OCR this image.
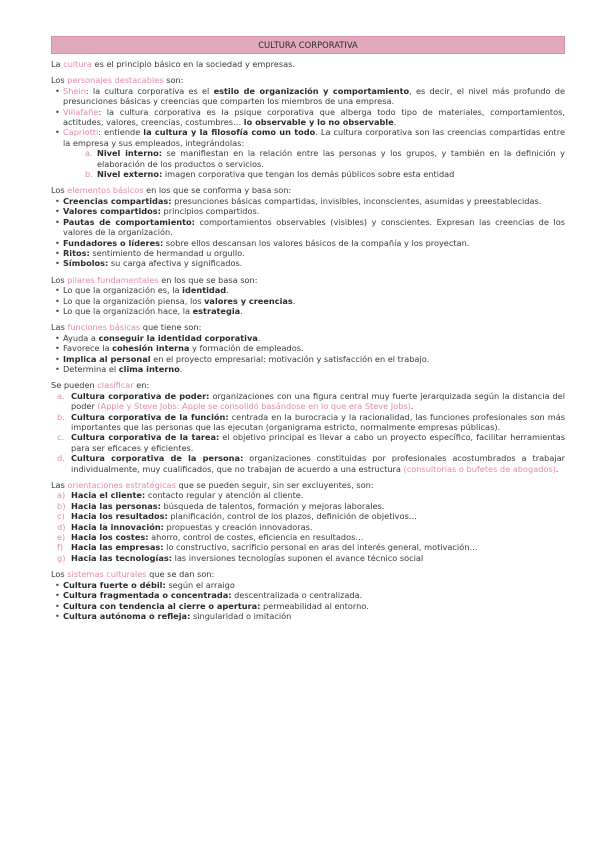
CULTURA CORPORATIVA

La cultura es el principio básico en la sociedad y empresas.

Los personajes destacables son:

• Shein: la cultura corporativa es el estilo de organización y comportamiento, es decir, el nivel más profundo de presunciones básicas y creencias que comparten los miembros de una empresa.
• Villafañe: la cultura corporativa es la psique corporativa que alberga todo tipo de materiales, comportamientos, actitudes, valores, creencias, costumbres… lo observable y lo no observable.
• Capriotti: entiende la cultura y la filosofía como un todo. La cultura corporativa son las creencias compartidas entre la empresa y sus empleados, integrándolas:
a. Nivel interno: se manifiestan en la relación entre las personas y los grupos, y también en la definición y elaboración de los productos o servicios.
b. Nivel externo: imagen corporativa que tengan los demás públicos sobre esta entidad

Los elementos básicos en los que se conforma y basa son:

• Creencias compartidas: presunciones básicas compartidas, invisibles, inconscientes, asumidas y preestablecidas.
• Valores compartidos: principios compartidos.
• Pautas de comportamiento: comportamientos observables (visibles) y conscientes. Expresan las creencias de los valores de la organización.
• Fundadores o líderes: sobre ellos descansan los valores básicos de la compañía y los proyectan.
• Ritos: sentimiento de hermandad u orgullo.
• Símbolos: su carga afectiva y significados.

Los pilares fundamentales en los que se basa son:

• Lo que la organización es, la identidad.
• Lo que la organización piensa, los valores y creencias.
• Lo que la organización hace, la estrategia.

Las funciones básicas que tiene son:

• Ayuda a conseguir la identidad corporativa.
• Favorece la cohesión interna y formación de empleados.
• Implica al personal en el proyecto empresarial: motivación y satisfacción en el trabajo.
• Determina el clima interno.

Se pueden clasificar en:

a. Cultura corporativa de poder: organizaciones con una figura central muy fuerte jerarquizada según la distancia del poder (Apple y Steve Jobs: Apple se consolidó basándose en lo que era Steve Jobs).
b. Cultura corporativa de la función: centrada en la burocracia y la racionalidad, las funciones profesionales son más importantes que las personas que las ejecutan (organigrama estricto, normalmente empresas públicas).
c. Cultura corporativa de la tarea: el objetivo principal es llevar a cabo un proyecto específico, facilitar herramientas para ser eficaces y eficientes.
d. Cultura corporativa de la persona: organizaciones constituidas por profesionales acostumbrados a trabajar individualmente, muy cualificados, que no trabajan de acuerdo a una estructura (consultorías o bufetes de abogados).

Las orientaciones estratégicas que se pueden seguir, sin ser excluyentes, son:

a) Hacia el cliente: contacto regular y atención al cliente.
b) Hacia las personas: búsqueda de talentos, formación y mejoras laborales.
c) Hacia los resultados: planificación, control de los plazos, definición de objetivos…
d) Hacia la innovación: propuestas y creación innovadoras.
e) Hacia los costes: ahorro, control de costes, eficiencia en resultados…
f) Hacia las empresas: lo constructivo, sacrificio personal en aras del interés general, motivación…
g) Hacia las tecnologías: las inversiones tecnologías suponen el avance técnico social

Los sistemas culturales que se dan son:

• Cultura fuerte o débil: según el arraigo
• Cultura fragmentada o concentrada: descentralizada o centralizada.
• Cultura con tendencia al cierre o apertura: permeabilidad al entorno.
• Cultura autónoma o refleja: singularidad o imitación
